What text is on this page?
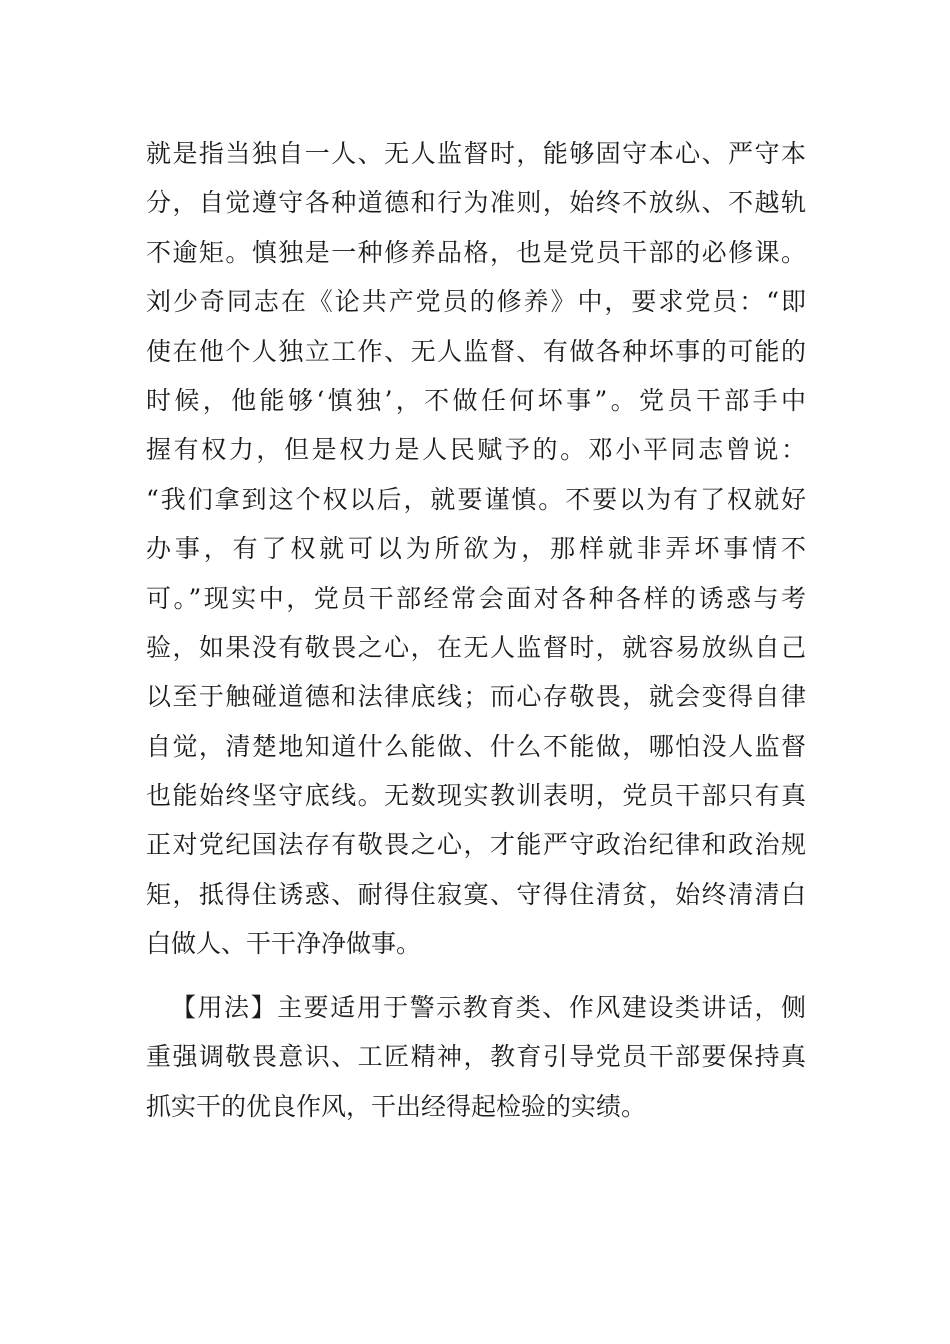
就是指当独自一人、无人监督时，能够固守本心、严守本
分，自觉遵守各种道德和行为准则，始终不放纵、不越轨
不逾矩。慎独是一种修养品格，也是党员干部的必修课。
刘少奇同志在《论共产党员的修养》中，要求党员：“即
使在他个人独立工作、无人监督、有做各种坏事的可能的
时候，他能够‘慎独’，不做任何坏事”。党员干部手中
握有权力，但是权力是人民赋予的。邓小平同志曾说：
“我们拿到这个权以后，就要谨慎。不要以为有了权就好
办事，有了权就可以为所欲为，那样就非弄坏事情不
可。”现实中，党员干部经常会面对各种各样的诱惑与考
验，如果没有敬畏之心，在无人监督时，就容易放纵自己
以至于触碰道德和法律底线；而心存敬畏，就会变得自律
自觉，清楚地知道什么能做、什么不能做，哪怕没人监督
也能始终坚守底线。无数现实教训表明，党员干部只有真
正对党纪国法存有敬畏之心，才能严守政治纪律和政治规
矩，抵得住诱惑、耐得住寂寞、守得住清贫，始终清清白
白做人、干干净净做事。
【用法】主要适用于警示教育类、作风建设类讲话，侧
重强调敬畏意识、工匠精神，教育引导党员干部要保持真
抓实干的优良作风，干出经得起检验的实绩。
